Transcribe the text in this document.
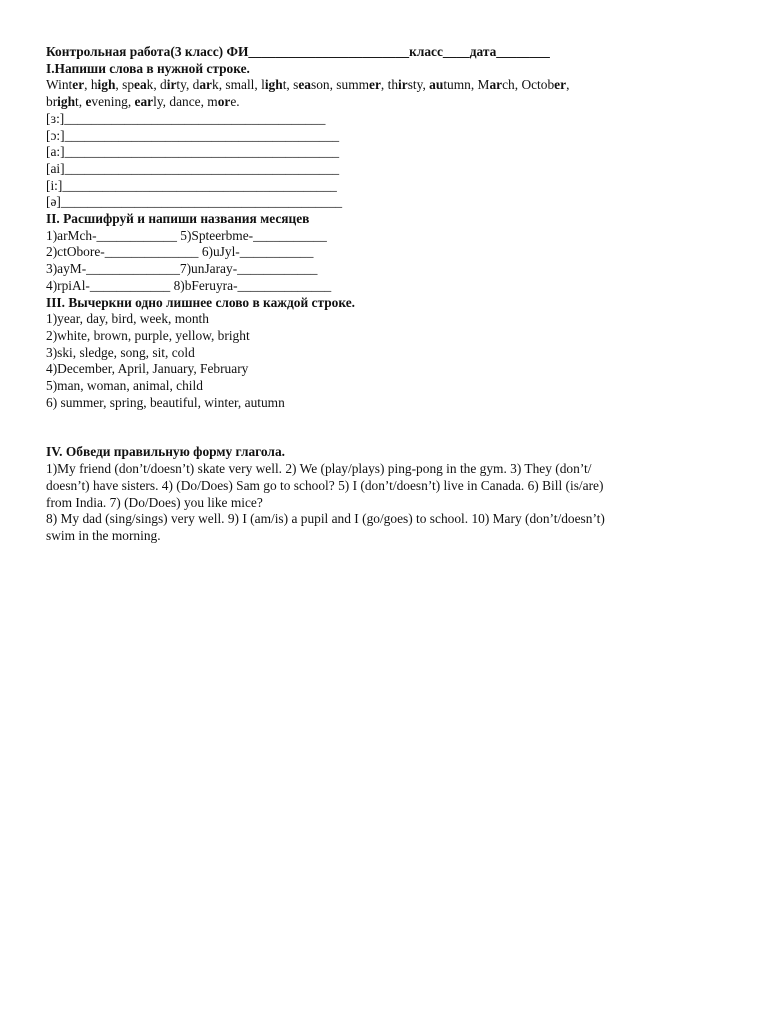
Контрольная работа(3 класс) ФИ________________________класс____дата________
I.Напиши слова в нужной строке.
Winter, high, speak, dirty, dark, small, light, season, summer, thirsty, autumn, March, October,
bright, evening, early, dance, more.
[ɜ:]_______________________________________
[ɔ:]_________________________________________
[a:]_________________________________________
[ai]_________________________________________
[i:]_________________________________________
[ə]__________________________________________
II. Расшифруй и напиши названия месяцев
1)arMch-____________ 5)Spteerbme-___________
2)ctObore-______________ 6)uJyl-___________
3)ayM-______________7)unJaray-____________
4)rpiAl-____________ 8)bFeruyra-______________
III. Вычеркни одно лишнее слово в каждой строке.
1)year, day, bird, week, month
2)white, brown, purple, yellow, bright
3)ski, sledge, song, sit, cold
4)December, April, January, February
5)man, woman, animal, child
6) summer, spring, beautiful, winter, autumn
IV. Обведи правильную форму глагола.
1)My friend (don’t/doesn’t) skate very well. 2) We (play/plays) ping-pong in the gym. 3) They (don’t/
doesn’t) have sisters. 4) (Do/Does) Sam go to school? 5) I (don’t/doesn’t) live in Canada. 6) Bill (is/are)
from India. 7) (Do/Does) you like mice?
8) My dad (sing/sings) very well. 9) I (am/is) a pupil and I (go/goes) to school. 10) Mary (don’t/doesn’t)
swim in the morning.
